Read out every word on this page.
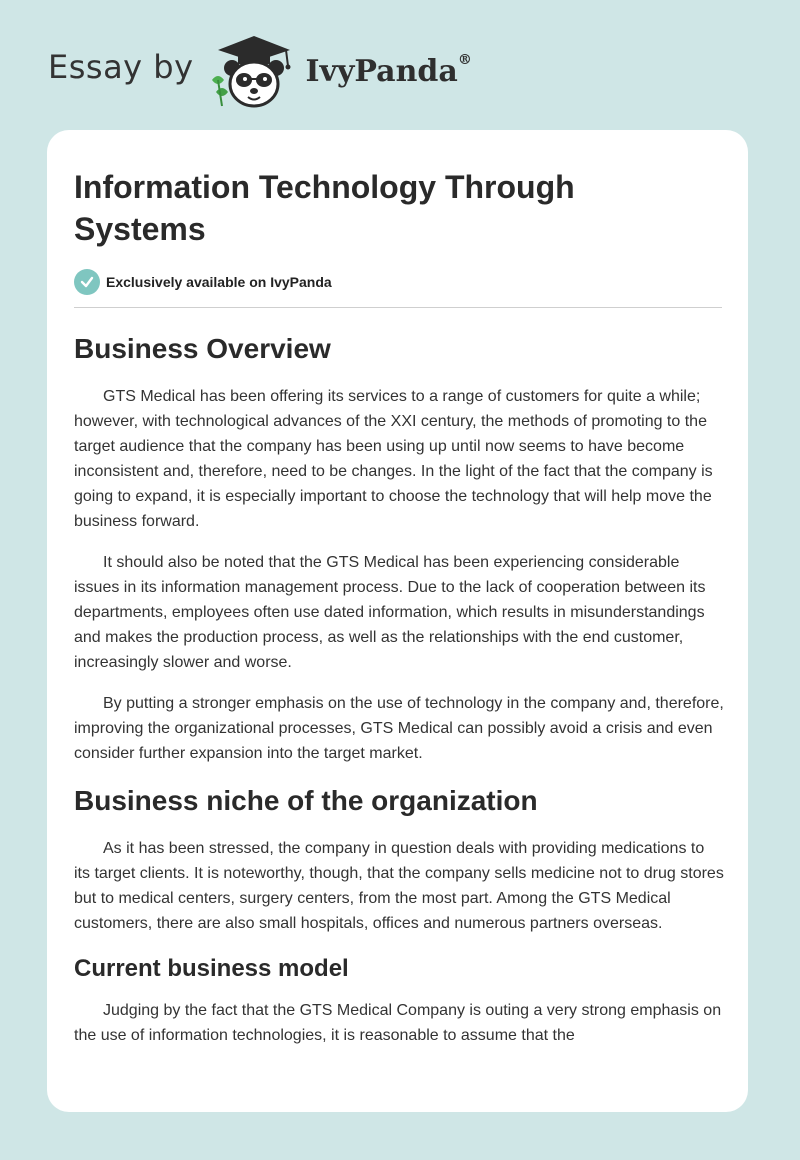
Essay by	IvyPanda®
Information Technology Through Systems
Exclusively available on IvyPanda
Business Overview

GTS Medical has been offering its services to a range of customers for quite a while; however, with technological advances of the XXI century, the methods of promoting to the target audience that the company has been using up until now seems to have become inconsistent and, therefore, need to be changes. In the light of the fact that the company is going to expand, it is especially important to choose the technology that will help move the business forward.

It should also be noted that the GTS Medical has been experiencing considerable issues in its information management process. Due to the lack of cooperation between its departments, employees often use dated information, which results in misunderstandings and makes the production process, as well as the relationships with the end customer, increasingly slower and worse.

By putting a stronger emphasis on the use of technology in the company and, therefore, improving the organizational processes, GTS Medical can possibly avoid a crisis and even consider further expansion into the target market.

Business niche of the organization

As it has been stressed, the company in question deals with providing medications to its target clients. It is noteworthy, though, that the company sells medicine not to drug stores but to medical centers, surgery centers, from the most part. Among the GTS Medical customers, there are also small hospitals, offices and numerous partners overseas.

Current business model

Judging by the fact that the GTS Medical Company is outing a very strong emphasis on the use of information technologies, it is reasonable to assume that the
